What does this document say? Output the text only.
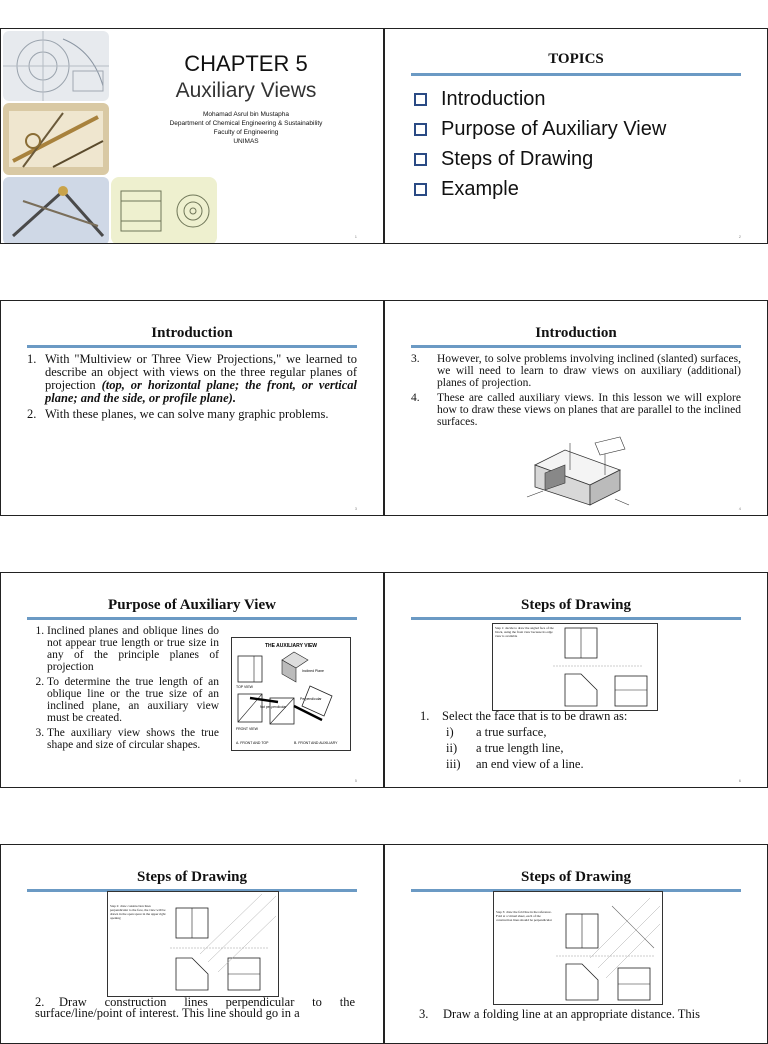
CHAPTER 5
Auxiliary Views
Mohamad Asrul bin Mustapha
Department of Chemical Engineering & Sustainability
Faculty of Engineering
UNIMAS
1
TOPICS
2
Introduction
Purpose of Auxiliary View
Steps of Drawing
Example
Introduction
1. With "Multiview or Three View Projections," we learned to describe an object with views on the three regular planes of projection (top, or horizontal plane; the front, or vertical plane; and the side, or profile plane).
2. With these planes, we can solve many graphic problems.
3
Introduction
3.	However, to solve problems involving inclined (slanted) surfaces, we will need to learn to draw views on auxiliary (additional) planes of projection.
4.	These are called auxiliary views. In this lesson we will explore how to draw these views on planes that are parallel to the inclined surfaces.
4
Purpose of Auxiliary View
1. Inclined planes and oblique lines do not appear true length or true size in any of the principle planes of projection
2. To determine the true length of an oblique line or the true size of an inclined plane, an auxiliary view must be created.
3. The auxiliary view shows the true shape and size of circular shapes.
THE AUXILIARY VIEW
TOP VIEW
FRONT VIEW
Inclined Plane
Perpendicular
Not per-pendicular
A. FRONT AND TOP	B. FRONT AND AUXILIARY
5
Steps of Drawing
Step 1: decide to draw the angled face of the block, using the front view because its edge view is available
6
1. Select the face that is to be drawn as:
i) a true surface,
ii) a true length line,
iii) an end view of a line.
Steps of Drawing
Step 2: draw construction lines perpendicular to the face, the view will be drawn in the open space in the upper right opening
2. Draw construction lines perpendicular to the surface/line/point of interest. This line should go in a
Steps of Drawing
Step 3: draw the fold line in the reference. Fold at a virtual sheet, each of the construction lines should be perpendicular
3. Draw a folding line at an appropriate distance. This
